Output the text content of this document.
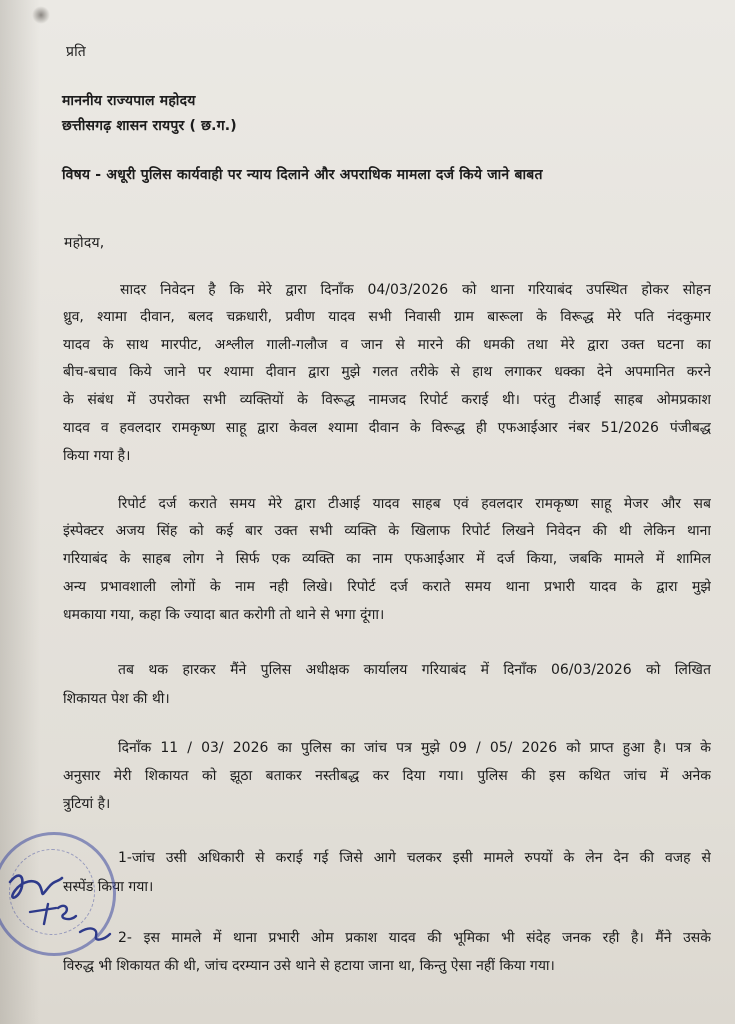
प्रति
माननीय राज्यपाल महोदय
छत्तीसगढ़ शासन रायपुर ( छ.ग.)
विषय - अधूरी पुलिस कार्यवाही पर न्याय दिलाने और अपराधिक मामला दर्ज किये जाने बाबत
महोदय,
सादर निवेदन है कि मेरे द्वारा दिनाँक 04/03/2026 को थाना गरियाबंद उपस्थित होकर सोहन
ध्रुव, श्यामा दीवान, बलद चक्रधारी, प्रवीण यादव सभी निवासी ग्राम बारूला के विरूद्ध मेरे पति नंदकुमार
यादव के साथ मारपीट, अश्लील गाली-गलौज व जान से मारने की धमकी तथा मेरे द्वारा उक्त घटना का
बीच-बचाव किये जाने पर श्यामा दीवान द्वारा मुझे गलत तरीके से हाथ लगाकर धक्का देने अपमानित करने
के संबंध में उपरोक्त सभी व्यक्तियों के विरूद्ध नामजद रिपोर्ट कराई थी। परंतु टीआई साहब ओमप्रकाश
यादव व हवलदार रामकृष्ण साहू द्वारा केवल श्यामा दीवान के विरूद्ध ही एफआईआर नंबर 51/2026 पंजीबद्ध
किया गया है।
रिपोर्ट दर्ज कराते समय मेरे द्वारा टीआई यादव साहब एवं हवलदार रामकृष्ण साहू मेजर और सब
इंस्पेक्टर अजय सिंह को कई बार उक्त सभी व्यक्ति के खिलाफ रिपोर्ट लिखने निवेदन की थी लेकिन थाना
गरियाबंद के साहब लोग ने सिर्फ एक व्यक्ति का नाम एफआईआर में दर्ज किया, जबकि मामले में शामिल
अन्य प्रभावशाली लोगों के नाम नही लिखे। रिपोर्ट दर्ज कराते समय थाना प्रभारी यादव के द्वारा मुझे
धमकाया गया, कहा कि ज्यादा बात करोगी तो थाने से भगा दूंगा।
तब थक हारकर मैंने पुलिस अधीक्षक कार्यालय गरियाबंद में दिनाँक 06/03/2026 को लिखित
शिकायत पेश की थी।
दिनाँक 11 / 03/ 2026 का पुलिस का जांच पत्र मुझे 09 / 05/ 2026 को प्राप्त हुआ है। पत्र के
अनुसार मेरी शिकायत को झूठा बताकर नस्तीबद्ध कर दिया गया। पुलिस की इस कथित जांच में अनेक
त्रुटियां है।
1-जांच उसी अधिकारी से कराई गई जिसे आगे चलकर इसी मामले रुपयों के लेन देन की वजह से
सस्पेंड किया गया।
2- इस मामले में थाना प्रभारी ओम प्रकाश यादव की भूमिका भी संदेह जनक रही है। मैंने उसके
विरुद्ध भी शिकायत की थी, जांच दरम्यान उसे थाने से हटाया जाना था, किन्तु ऐसा नहीं किया गया।
